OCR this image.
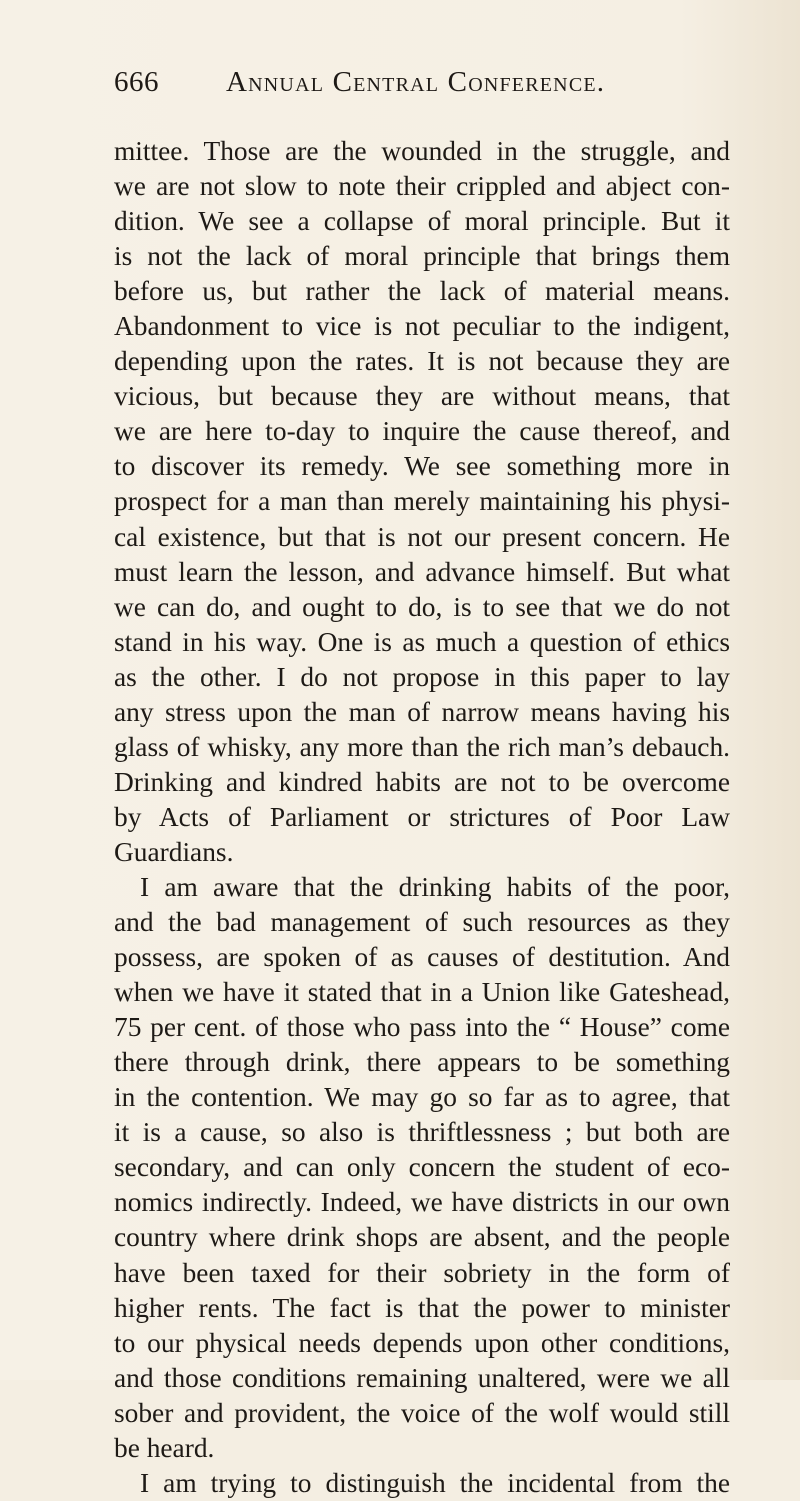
666 Annual Central Conference.
mittee. Those are the wounded in the struggle, and
we are not slow to note their crippled and abject con-
dition. We see a collapse of moral principle. But it
is not the lack of moral principle that brings them
before us, but rather the lack of material means.
Abandonment to vice is not peculiar to the indigent,
depending upon the rates. It is not because they are
vicious, but because they are without means, that
we are here to-day to inquire the cause thereof, and
to discover its remedy. We see something more in
prospect for a man than merely maintaining his physi-
cal existence, but that is not our present concern. He
must learn the lesson, and advance himself. But what
we can do, and ought to do, is to see that we do not
stand in his way. One is as much a question of ethics
as the other. I do not propose in this paper to lay
any stress upon the man of narrow means having his
glass of whisky, any more than the rich man’s debauch.
Drinking and kindred habits are not to be overcome
by Acts of Parliament or strictures of Poor Law
Guardians.
I am aware that the drinking habits of the poor,
and the bad management of such resources as they
possess, are spoken of as causes of destitution. And
when we have it stated that in a Union like Gateshead,
75 per cent. of those who pass into the “ House” come
there through drink, there appears to be something
in the contention. We may go so far as to agree, that
it is a cause, so also is thriftlessness ; but both are
secondary, and can only concern the student of eco-
nomics indirectly. Indeed, we have districts in our own
country where drink shops are absent, and the people
have been taxed for their sobriety in the form of
higher rents. The fact is that the power to minister
to our physical needs depends upon other conditions,
and those conditions remaining unaltered, were we all
sober and provident, the voice of the wolf would still
be heard.
I am trying to distinguish the incidental from the
